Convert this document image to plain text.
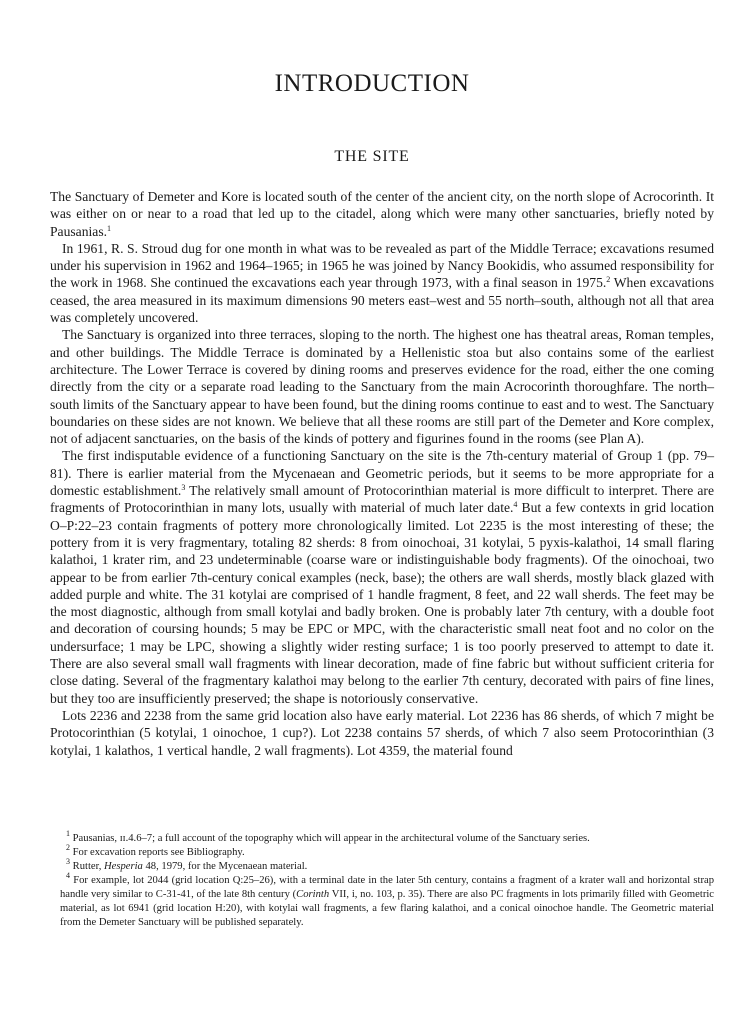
INTRODUCTION
THE SITE

The Sanctuary of Demeter and Kore is located south of the center of the ancient city, on the north slope of Acrocorinth. It was either on or near to a road that led up to the citadel, along which were many other sanctuaries, briefly noted by Pausanias.$^1$

In 1961, R. S. Stroud dug for one month in what was to be revealed as part of the Middle Terrace; excavations resumed under his supervision in 1962 and 1964–1965; in 1965 he was joined by Nancy Bookidis, who assumed responsibility for the work in 1968. She continued the excavations each year through 1973, with a final season in 1975.$^2$ When excavations ceased, the area measured in its maximum dimensions 90 meters east–west and 55 north–south, although not all that area was completely uncovered.

The Sanctuary is organized into three terraces, sloping to the north. The highest one has theatral areas, Roman temples, and other buildings. The Middle Terrace is dominated by a Hellenistic stoa but also contains some of the earliest architecture. The Lower Terrace is covered by dining rooms and preserves evidence for the road, either the one coming directly from the city or a separate road leading to the Sanctuary from the main Acrocorinth thoroughfare. The north–south limits of the Sanctuary appear to have been found, but the dining rooms continue to east and to west. The Sanctuary boundaries on these sides are not known. We believe that all these rooms are still part of the Demeter and Kore complex, not of adjacent sanctuaries, on the basis of the kinds of pottery and figurines found in the rooms (see Plan A).

The first indisputable evidence of a functioning Sanctuary on the site is the 7th-century material of Group 1 (pp. 79–81). There is earlier material from the Mycenaean and Geometric periods, but it seems to be more appropriate for a domestic establishment.$^3$ The relatively small amount of Protocorinthian material is more difficult to interpret. There are fragments of Protocorinthian in many lots, usually with material of much later date.$^4$ But a few contexts in grid location O–P:22–23 contain fragments of pottery more chronologically limited. Lot 2235 is the most interesting of these; the pottery from it is very fragmentary, totaling 82 sherds: 8 from oinochoai, 31 kotylai, 5 pyxis-kalathoi, 14 small flaring kalathoi, 1 krater rim, and 23 undeterminable (coarse ware or indistinguishable body fragments). Of the oinochoai, two appear to be from earlier 7th-century conical examples (neck, base); the others are wall sherds, mostly black glazed with added purple and white. The 31 kotylai are comprised of 1 handle fragment, 8 feet, and 22 wall sherds. The feet may be the most diagnostic, although from small kotylai and badly broken. One is probably later 7th century, with a double foot and decoration of coursing hounds; 5 may be EPC or MPC, with the characteristic small neat foot and no color on the undersurface; 1 may be LPC, showing a slightly wider resting surface; 1 is too poorly preserved to attempt to date it. There are also several small wall fragments with linear decoration, made of fine fabric but without sufficient criteria for close dating. Several of the fragmentary kalathoi may belong to the earlier 7th century, decorated with pairs of fine lines, but they too are insufficiently preserved; the shape is notoriously conservative.

Lots 2236 and 2238 from the same grid location also have early material. Lot 2236 has 86 sherds, of which 7 might be Protocorinthian (5 kotylai, 1 oinochoe, 1 cup?). Lot 2238 contains 57 sherds, of which 7 also seem Protocorinthian (3 kotylai, 1 kalathos, 1 vertical handle, 2 wall fragments). Lot 4359, the material found

$^1$ Pausanias, ɪɪ.4.6–7; a full account of the topography which will appear in the architectural volume of the Sanctuary series.

$^2$ For excavation reports see Bibliography.

$^3$ Rutter, Hesperia 48, 1979, for the Mycenaean material.

$^4$ For example, lot 2044 (grid location Q:25–26), with a terminal date in the later 5th century, contains a fragment of a krater wall and horizontal strap handle very similar to C-31-41, of the late 8th century (Corinth VII, i, no. 103, p. 35). There are also PC fragments in lots primarily filled with Geometric material, as lot 6941 (grid location H:20), with kotylai wall fragments, a few flaring kalathoi, and a conical oinochoe handle. The Geometric material from the Demeter Sanctuary will be published separately.
